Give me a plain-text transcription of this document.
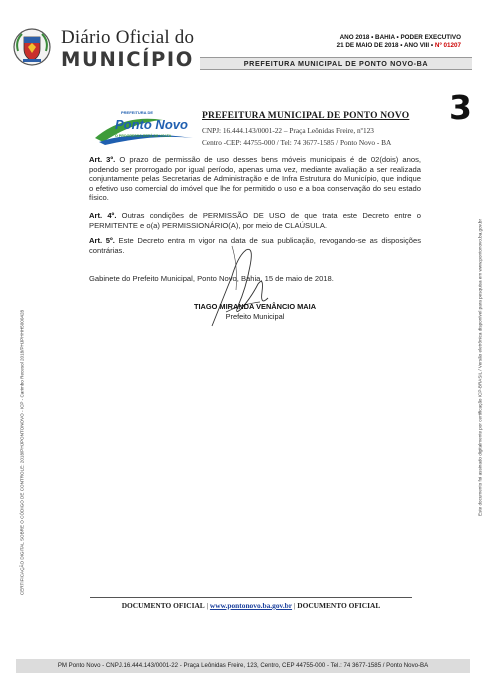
Diário Oficial do
MUNICÍPIO
ANO 2018 • BAHIA • PODER EXECUTIVO
21 DE MAIO DE 2018 • ANO VIII • Nº 01207
PREFEITURA MUNICIPAL DE PONTO NOVO-BA
3
PREFEITURA DE
Ponto Novo
O PROGRESSO ESTÁ DE VOLTA
PREFEITURA MUNICIPAL DE PONTO NOVO
CNPJ: 16.444.143/0001-22 – Praça Leônidas Freire, nº123
Centro -CEP: 44755-000 / Tel: 74 3677-1585 / Ponto Novo - BA
Art. 3º. O prazo de permissão de uso desses bens móveis municipais é de 02(dois) anos, podendo ser prorrogado por igual período, apenas uma vez, mediante avaliação a ser realizada conjuntamente pelas Secretarias de Administração e de Infra Estrutura do Município, que indique o efetivo uso comercial do imóvel que lhe for permitido o uso e a boa conservação do seu estado físico.
Art. 4º. Outras condições de PERMISSÃO DE USO de que trata este Decreto entre o PERMITENTE e o(a) PERMISSIONÁRIO(A), por meio de CLAÚSULA.
Art. 5º. Este Decreto entra m vigor na data de sua publicação, revogando-se as disposições contrárias.
Gabinete do Prefeito Municipal, Ponto Novo, Bahia, 15 de maio de 2018.
TIAGO MIRANDA VENÂNCIO MAIA
Prefeito Municipal
DOCUMENTO OFICIAL | www.pontonovo.ba.gov.br | DOCUMENTO OFICIAL
CERTIFICAÇÃO DIGITAL SOBRE O CÓDIGO DE CONTROLE: 2018/PHJPONTONOVO - ICP - Carimbo Recesol 2018/PHJPHHH5000428	Este documento foi assinado digitalmente por certificação ICP-BRASIL / Versão eletrônica disponível para pesquisa em www.pontonovo.ba.gov.br
PM Ponto Novo - CNPJ.16.444.143/0001-22 - Praça Leônidas Freire, 123, Centro, CEP 44755-000 - Tel.: 74 3677-1585 / Ponto Novo-BA
